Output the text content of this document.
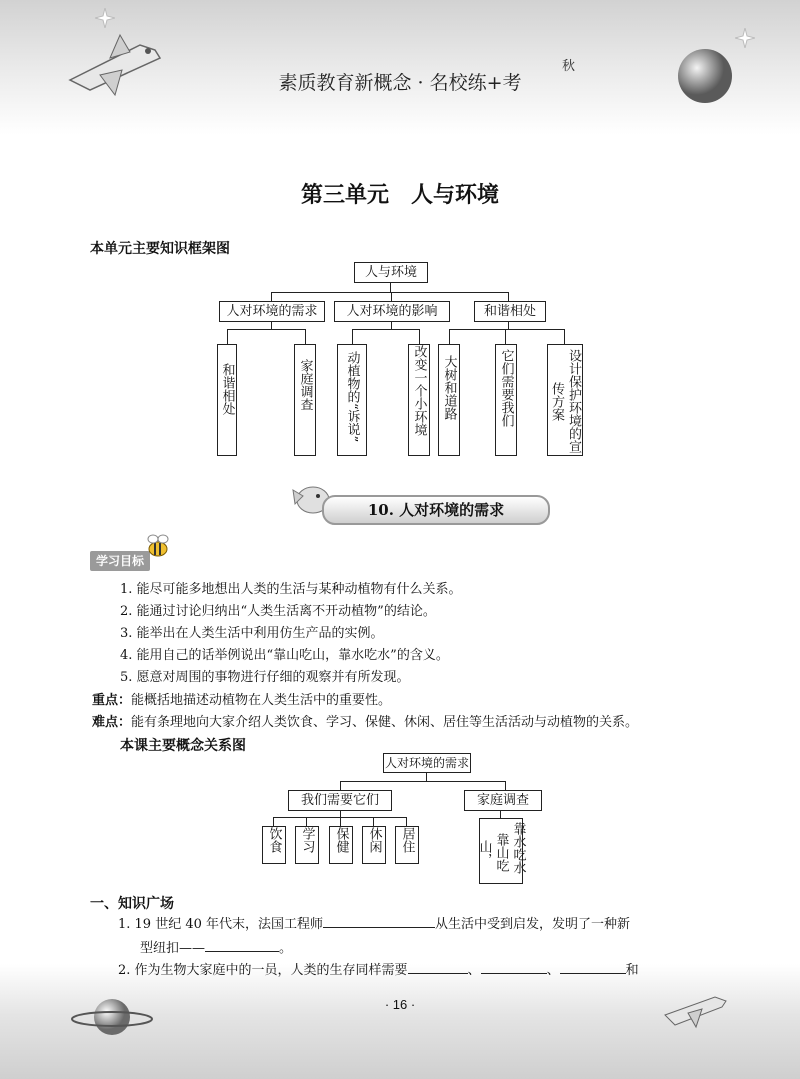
素质教育新概念 · 名校练+考
秋
第三单元　人与环境
本单元主要知识框架图
人与环境
人对环境的需求	人对环境的影响	和谐相处
和谐相处	家庭调查 动植物的“诉说”	改变一个小环境 大树和道路	它们需要我们	设计保护环境的宣传方案
10. 人对环境的需求
学习目标
1. 能尽可能多地想出人类的生活与某种动植物有什么关系。
2. 能通过讨论归纳出“人类生活离不开动植物”的结论。
3. 能举出在人类生活中利用仿生产品的实例。
4. 能用自己的话举例说出“靠山吃山，靠水吃水”的含义。
5. 愿意对周围的事物进行仔细的观察并有所发现。
重点：能概括地描述动植物在人类生活中的重要性。
难点：能有条理地向大家介绍人类饮食、学习、保健、休闲、居住等生活活动与动植物的关系。
本课主要概念关系图
人对环境的需求
我们需要它们	家庭调查
饮食 学习 保健 休闲 居住	靠山吃山，	靠水吃水
一、知识广场
1. 19 世纪 40 年代末，法国工程师	从生活中受到启发，发明了一种新
型纽扣——	。
2. 作为生物大家庭中的一员，人类的生存同样需要	、	、	和
· 16 ·
